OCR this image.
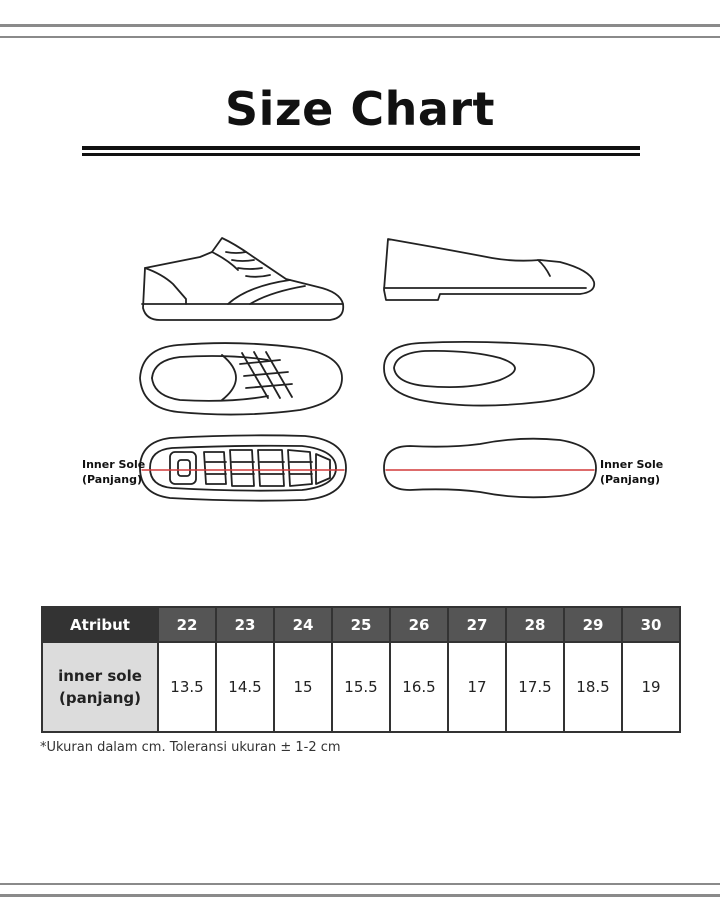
Size Chart
Inner Sole
(Panjang)
Inner Sole
(Panjang)
Atribut	22	23	24	25	26	27	28	29	30

inner sole
(panjang)	13.5	14.5	15	15.5	16.5	17	17.5	18.5	19
*Ukuran dalam cm. Toleransi ukuran ± 1-2 cm
